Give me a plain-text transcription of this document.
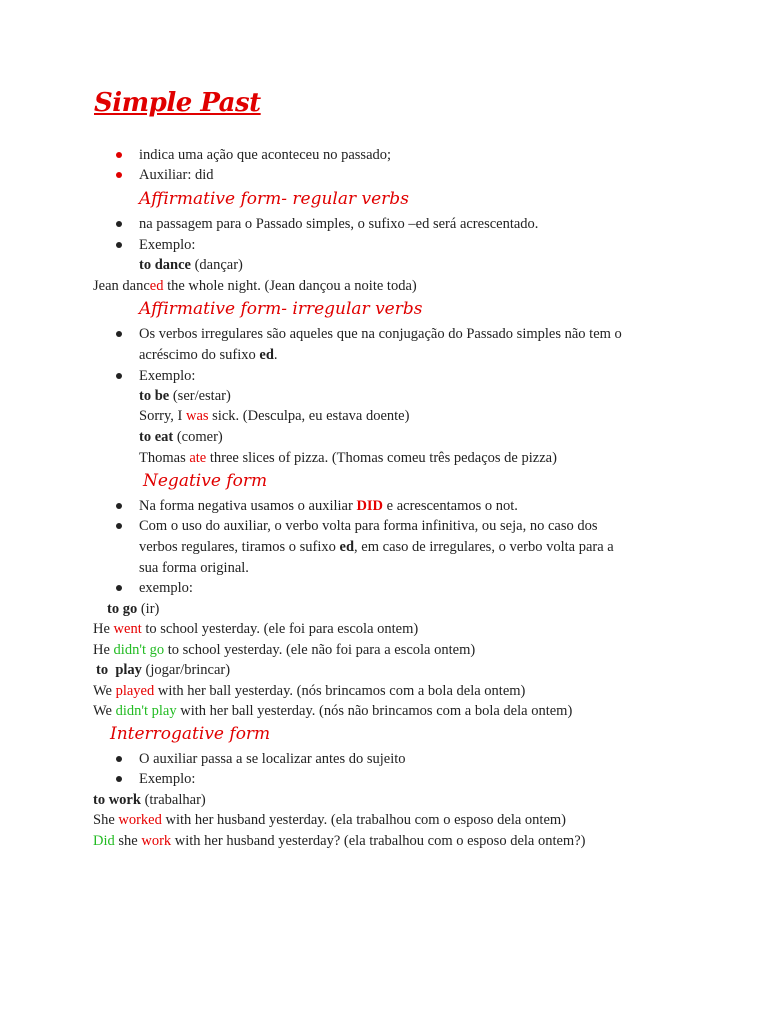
Simple Past
indica uma ação que aconteceu no passado;
Auxiliar: did
Affirmative form- regular verbs
na passagem para o Passado simples, o sufixo –ed será acrescentado.
Exemplo:
to dance (dançar)
Jean danced the whole night. (Jean dançou a noite toda)
Affirmative form- irregular verbs
Os verbos irregulares são aqueles que na conjugação do Passado simples não tem o
acréscimo do sufixo ed.
Exemplo:
to be (ser/estar)
Sorry, I was sick. (Desculpa, eu estava doente)
to eat (comer)
Thomas ate three slices of pizza. (Thomas comeu três pedaços de pizza)
Negative form
Na forma negativa usamos o auxiliar DID e acrescentamos o not.
Com o uso do auxiliar, o verbo volta para forma infinitiva, ou seja, no caso dos
verbos regulares, tiramos o sufixo ed, em caso de irregulares, o verbo volta para a
sua forma original.
exemplo:
to go (ir)
He went to school yesterday. (ele foi para escola ontem)
He didn't go to school yesterday. (ele não foi para a escola ontem)
to  play (jogar/brincar)
We played with her ball yesterday. (nós brincamos com a bola dela ontem)
We didn't play with her ball yesterday. (nós não brincamos com a bola dela ontem)
Interrogative form
O auxiliar passa a se localizar antes do sujeito
Exemplo:
to work (trabalhar)
She worked with her husband yesterday. (ela trabalhou com o esposo dela ontem)
Did she work with her husband yesterday? (ela trabalhou com o esposo dela ontem?)
